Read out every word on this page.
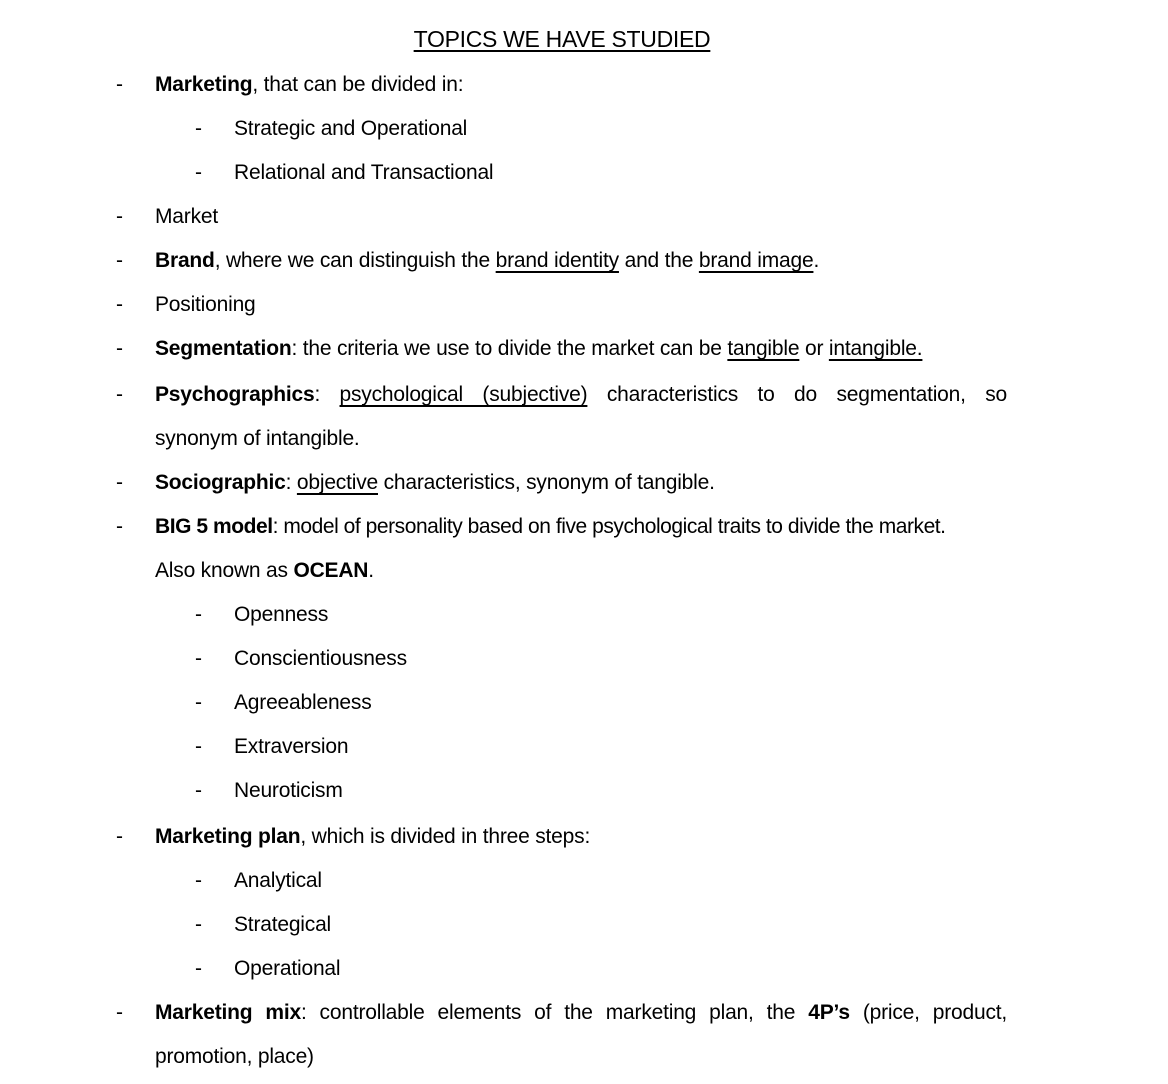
TOPICS WE HAVE STUDIED
- Marketing, that can be divided in:
- Strategic and Operational
- Relational and Transactional
- Market
- Brand, where we can distinguish the brand identity and the brand image.
- Positioning
- Segmentation: the criteria we use to divide the market can be tangible or intangible.
- Psychographics:  psychological  (subjective)  characteristics  to  do  segmentation,  so
synonym of intangible.
- Sociographic: objective characteristics, synonym of tangible.
- BIG 5 model: model of personality based on five psychological traits to divide the market.
Also known as OCEAN.
- Openness
- Conscientiousness
- Agreeableness
- Extraversion
- Neuroticism
- Marketing plan, which is divided in three steps:
- Analytical
- Strategical
- Operational
- Marketing mix: controllable elements of the marketing plan, the 4P’s (price, product,
promotion, place)
